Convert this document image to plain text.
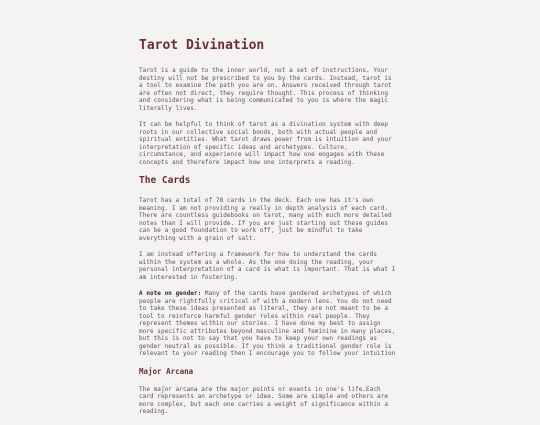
Tarot Divination

Tarot is a guide to the inner world, not a set of instructions. Your destiny will not be prescribed to you by the cards. Instead, tarot is a tool to examine the path you are on. Answers received through tarot are often not direct, they require thought. This process of thinking and considering what is being communicated to you is where the magic literally lives.

It can be helpful to think of tarot as a divination system with deep roots in our collective social bonds, both with actual people and spiritual entities. What tarot draws power from is intuition and your interpretation of specific ideas and archetypes. Culture, circumstance, and experience will impact how one engages with these concepts and therefore impact how one interprets a reading.

The Cards

Tarot has a total of 78 cards in the deck. Each one has it's own meaning. I am not providing a really in depth analysis of each card. There are countless guidebooks on tarot, many with much more detailed notes than I will provide. If you are just starting out these guides can be a good foundation to work off, just be mindful to take everything with a grain of salt.

I am instead offering a framework for how to understand the cards within the system as a whole. As the one doing the reading, your personal interpretation of a card is what is important. That is what I am interested in fostering.

A note on gender: Many of the cards have gendered archetypes of which people are rightfully critical of with a modern lens. You do not need to take these ideas presented as literal, they are not meant to be a tool to reinforce harmful gender roles within real people. They represent themes within our stories. I have done my best to assign more specific attributes beyond masculine and feminine in many places, but this is not to say that you have to keep your own readings as gender neutral as possible. If you think a traditional gender role is relevant to your reading then I encourage you to follow your intuition

Major Arcana

The major arcana are the major points or events in one's life.Each card represents an archetype or idea. Some are simple and others are more complex, but each one carries a weight of significance within a reading.
